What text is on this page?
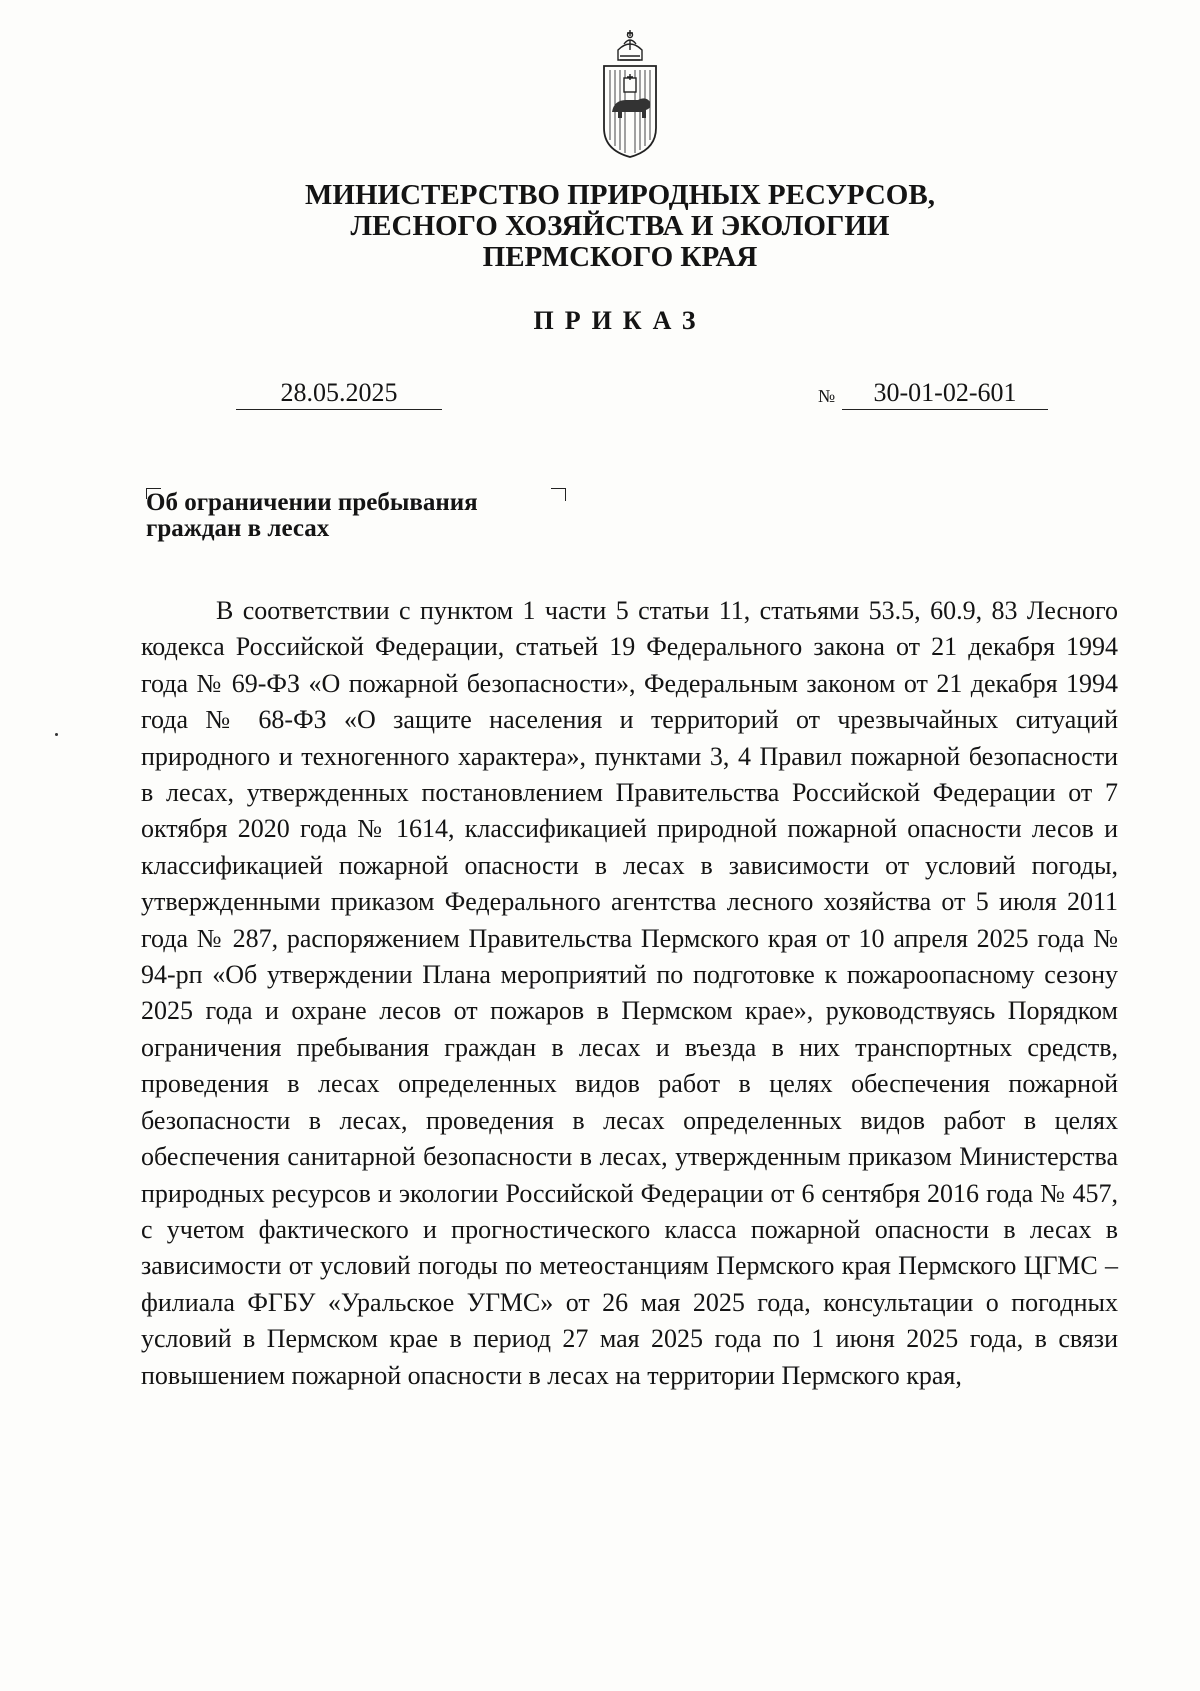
МИНИСТЕРСТВО ПРИРОДНЫХ РЕСУРСОВ,
ЛЕСНОГО ХОЗЯЙСТВА И ЭКОЛОГИИ
ПЕРМСКОГО КРАЯ
ПРИКАЗ
28.05.2025	№	30-01-02-601
Об ограничении пребывания
граждан в лесах
В соответствии с пунктом 1 части 5 статьи 11, статьями 53.5, 60.9, 83 Лесного кодекса Российской Федерации, статьей 19 Федерального закона от 21 декабря 1994 года № 69-ФЗ «О пожарной безопасности», Федеральным законом от 21 декабря 1994 года № 68-ФЗ «О защите населения и территорий от чрезвычайных ситуаций природного и техногенного характера», пунктами 3, 4 Правил пожарной безопасности в лесах, утвержденных постановлением Правительства Российской Федерации от 7 октября 2020 года № 1614, классификацией природной пожарной опасности лесов и классификацией пожарной опасности в лесах в зависимости от условий погоды, утвержденными приказом Федерального агентства лесного хозяйства от 5 июля 2011 года № 287, распоряжением Правительства Пермского края от 10 апреля 2025 года № 94-рп «Об утверждении Плана мероприятий по подготовке к пожароопасному сезону 2025 года и охране лесов от пожаров в Пермском крае», руководствуясь Порядком ограничения пребывания граждан в лесах и въезда в них транспортных средств, проведения в лесах определенных видов работ в целях обеспечения пожарной безопасности в лесах, проведения в лесах определенных видов работ в целях обеспечения санитарной безопасности в лесах, утвержденным приказом Министерства природных ресурсов и экологии Российской Федерации от 6 сентября 2016 года № 457, с учетом фактического и прогностического класса пожарной опасности в лесах в зависимости от условий погоды по метеостанциям Пермского края Пермского ЦГМС – филиала ФГБУ «Уральское УГМС» от 26 мая 2025 года, консультации о погодных условий в Пермском крае в период 27 мая 2025 года по 1 июня 2025 года, в связи повышением пожарной опасности в лесах на территории Пермского края,
